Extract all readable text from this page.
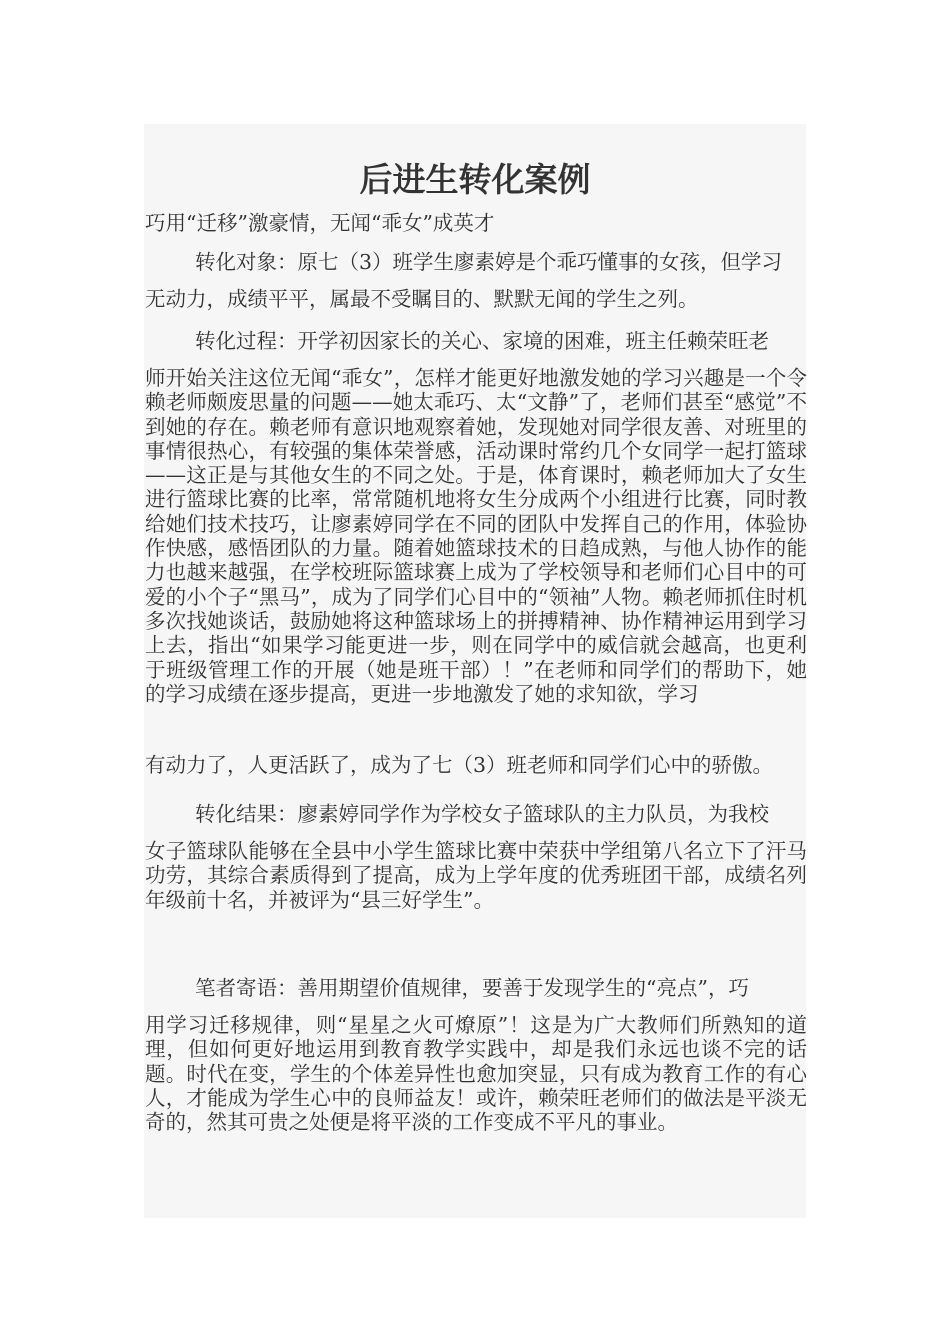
后进生转化案例
巧用“迁移”激豪情，无闻“乖女”成英才
转化对象：原七（3）班学生廖素婷是个乖巧懂事的女孩，但学习
无动力，成绩平平，属最不受瞩目的、默默无闻的学生之列。
转化过程：开学初因家长的关心、家境的困难，班主任赖荣旺老

师开始关注这位无闻“乖女”，怎样才能更好地激发她的学习兴趣是一个令赖老师颇废思量的问题——她太乖巧、太“文静”了，老师们甚至“感觉”不到她的存在。赖老师有意识地观察着她，发现她对同学很友善、对班里的事情很热心，有较强的集体荣誉感，活动课时常约几个女同学一起打篮球——这正是与其他女生的不同之处。于是，体育课时，赖老师加大了女生进行篮球比赛的比率，常常随机地将女生分成两个小组进行比赛，同时教给她们技术技巧，让廖素婷同学在不同的团队中发挥自己的作用，体验协作快感，感悟团队的力量。随着她篮球技术的日趋成熟，与他人协作的能力也越来越强，在学校班际篮球赛上成为了学校领导和老师们心目中的可爱的小个子“黑马”，成为了同学们心目中的“领袖”人物。赖老师抓住时机多次找她谈话，鼓励她将这种篮球场上的拼搏精神、协作精神运用到学习上去，指出“如果学习能更进一步，则在同学中的威信就会越高，也更利于班级管理工作的开展（她是班干部）！”在老师和同学们的帮助下，她的学习成绩在逐步提高，更进一步地激发了她的求知欲，学习

有动力了，人更活跃了，成为了七（3）班老师和同学们心中的骄傲。
转化结果：廖素婷同学作为学校女子篮球队的主力队员，为我校

女子篮球队能够在全县中小学生篮球比赛中荣获中学组第八名立下了汗马功劳，其综合素质得到了提高，成为上学年度的优秀班团干部，成绩名列年级前十名，并被评为“县三好学生”。

笔者寄语：善用期望价值规律，要善于发现学生的“亮点”，巧

用学习迁移规律，则“星星之火可燎原”！这是为广大教师们所熟知的道理，但如何更好地运用到教育教学实践中，却是我们永远也谈不完的话题。时代在变，学生的个体差异性也愈加突显，只有成为教育工作的有心人，才能成为学生心中的良师益友！或许，赖荣旺老师们的做法是平淡无奇的，然其可贵之处便是将平淡的工作变成不平凡的事业。
